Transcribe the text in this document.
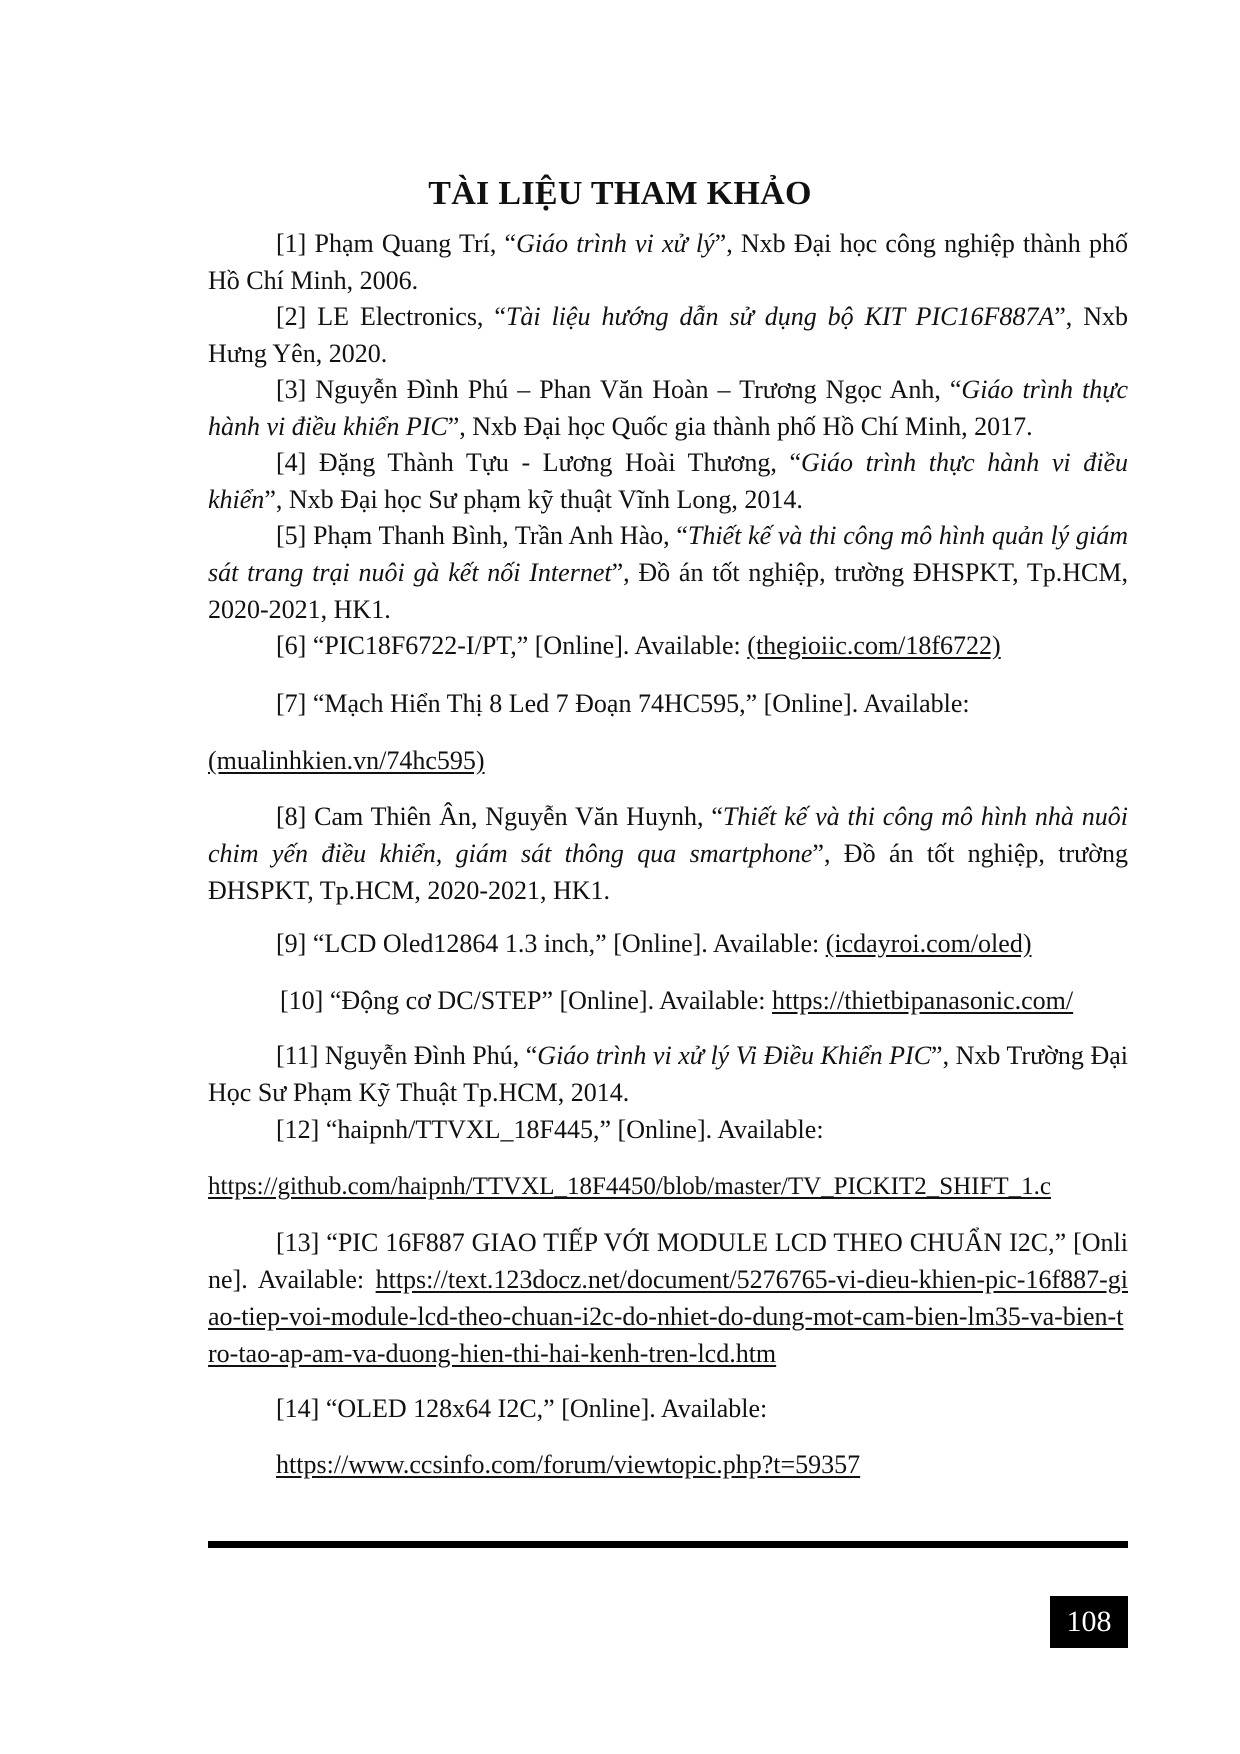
TÀI LIỆU THAM KHẢO

[1] Phạm Quang Trí, “Giáo trình vi xử lý”, Nxb Đại học công nghiệp thành phố Hồ Chí Minh, 2006.

[2] LE Electronics, “Tài liệu hướng dẫn sử dụng bộ KIT PIC16F887A”, Nxb Hưng Yên, 2020.

[3] Nguyễn Đình Phú – Phan Văn Hoàn – Trương Ngọc Anh, “Giáo trình thực hành vi điều khiển PIC”, Nxb Đại học Quốc gia thành phố Hồ Chí Minh, 2017.

[4] Đặng Thành Tựu - Lương Hoài Thương, “Giáo trình thực hành vi điều khiển”, Nxb Đại học Sư phạm kỹ thuật Vĩnh Long, 2014.

[5] Phạm Thanh Bình, Trần Anh Hào, “Thiết kế và thi công mô hình quản lý giám sát trang trại nuôi gà kết nối Internet”, Đồ án tốt nghiệp, trường ĐHSPKT, Tp.HCM, 2020-2021, HK1.

[6] “PIC18F6722-I/PT,” [Online]. Available: (thegioiic.com/18f6722)

[7] “Mạch Hiển Thị 8 Led 7 Đoạn 74HC595,” [Online]. Available:

(mualinhkien.vn/74hc595)

[8] Cam Thiên Ân, Nguyễn Văn Huynh, “Thiết kế và thi công mô hình nhà nuôi chim yến điều khiển, giám sát thông qua smartphone”, Đồ án tốt nghiệp, trường ĐHSPKT, Tp.HCM, 2020-2021, HK1.

[9] “LCD Oled12864 1.3 inch,” [Online]. Available: (icdayroi.com/oled)

[10] “Động cơ DC/STEP” [Online]. Available: https://thietbipanasonic.com/

[11] Nguyễn Đình Phú, “Giáo trình vi xử lý Vi Điều Khiển PIC”, Nxb Trường Đại Học Sư Phạm Kỹ Thuật Tp.HCM, 2014.

[12] “haipnh/TTVXL_18F445,” [Online]. Available:

https://github.com/haipnh/TTVXL_18F4450/blob/master/TV_PICKIT2_SHIFT_1.c

[13] “PIC 16F887 GIAO TIẾP VỚI MODULE LCD THEO CHUẨN I2C,” [Online]. Available: https://text.123docz.net/document/5276765-vi-dieu-khien-pic-16f887-giao-tiep-voi-module-lcd-theo-chuan-i2c-do-nhiet-do-dung-mot-cam-bien-lm35-va-bien-tro-tao-ap-am-va-duong-hien-thi-hai-kenh-tren-lcd.htm

[14] “OLED 128x64 I2C,” [Online]. Available:

https://www.ccsinfo.com/forum/viewtopic.php?t=59357

108
